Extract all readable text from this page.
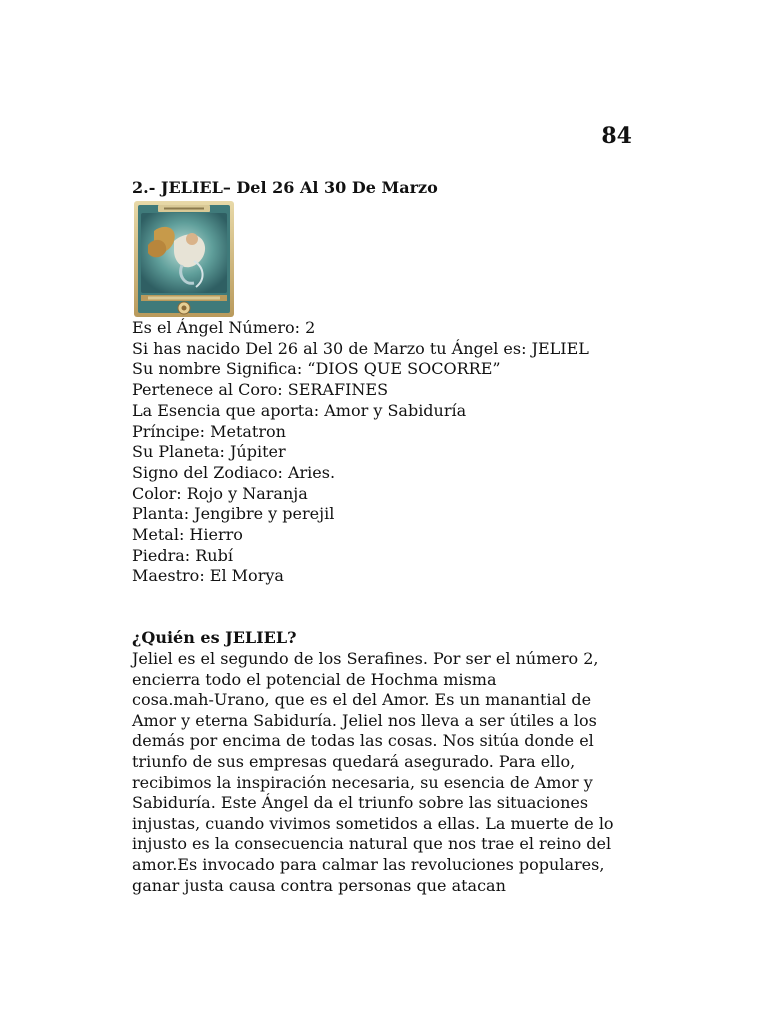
84
2.- JELIEL– Del 26 Al 30 De Marzo
Es el Ángel Número: 2
Si has nacido Del 26 al 30 de Marzo tu Ángel es: JELIEL
Su nombre Significa: “DIOS QUE SOCORRE”
Pertenece al Coro: SERAFINES
La Esencia que aporta: Amor y Sabiduría
Príncipe: Metatron
Su Planeta: Júpiter
Signo del Zodiaco: Aries.
Color: Rojo y Naranja
Planta: Jengibre y perejil
Metal: Hierro
Piedra: Rubí
Maestro: El Morya
¿Quién es JELIEL?
Jeliel es el segundo de los Serafines. Por ser el número 2,
encierra todo el potencial de Hochma misma
cosa.mah-Urano, que es el del Amor. Es un manantial de
Amor y eterna Sabiduría. Jeliel nos lleva a ser útiles a los
demás por encima de todas las cosas. Nos sitúa donde el
triunfo de sus empresas quedará asegurado. Para ello,
recibimos la inspiración necesaria, su esencia de Amor y
Sabiduría. Este Ángel da el triunfo sobre las situaciones
injustas, cuando vivimos sometidos a ellas. La muerte de lo
injusto es la consecuencia natural que nos trae el reino del
amor.Es invocado para calmar las revoluciones populares,
ganar justa causa contra personas que atacan
